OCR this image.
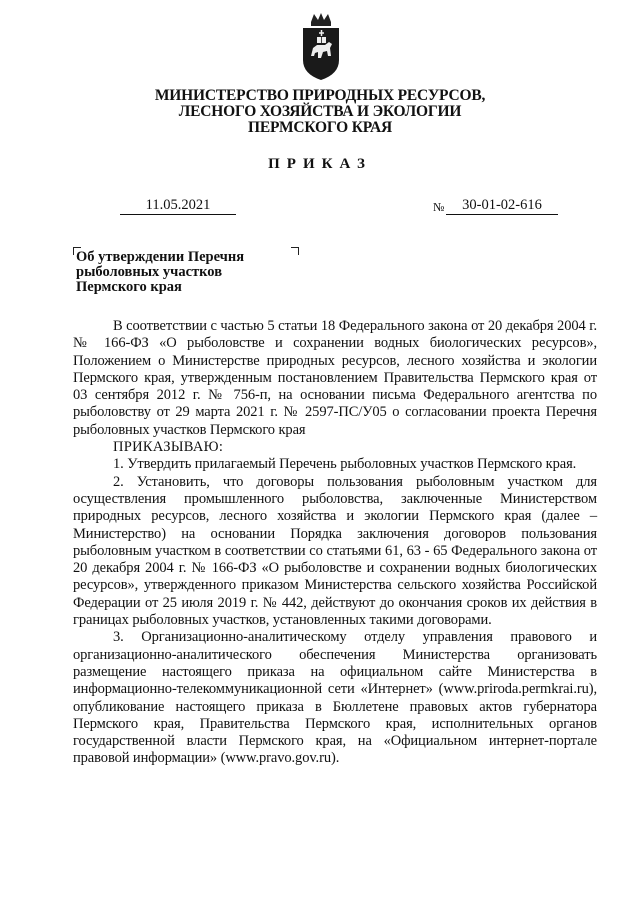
МИНИСТЕРСТВО ПРИРОДНЫХ РЕСУРСОВ,
ЛЕСНОГО ХОЗЯЙСТВА И ЭКОЛОГИИ
ПЕРМСКОГО КРАЯ
ПРИКАЗ
11.05.2021	№	30-01-02-616
Об утверждении Перечня
рыболовных участков
Пермского края

В соответствии с частью 5 статьи 18 Федерального закона от 20 декабря 2004 г. № 166-ФЗ «О рыболовстве и сохранении водных биологических ресурсов», Положением о Министерстве природных ресурсов, лесного хозяйства и экологии Пермского края, утвержденным постановлением Правительства Пермского края от 03 сентября 2012 г. № 756-п, на основании письма Федерального агентства по рыболовству от 29 марта 2021 г. № 2597-ПС/У05 о согласовании проекта Перечня рыболовных участков Пермского края

ПРИКАЗЫВАЮ:

1. Утвердить прилагаемый Перечень рыболовных участков Пермского края.

2. Установить, что договоры пользования рыболовным участком для осуществления промышленного рыболовства, заключенные Министерством природных ресурсов, лесного хозяйства и экологии Пермского края (далее – Министерство) на основании Порядка заключения договоров пользования рыболовным участком в соответствии со статьями 61, 63 - 65 Федерального закона от 20 декабря 2004 г. № 166-ФЗ «О рыболовстве и сохранении водных биологических ресурсов», утвержденного приказом Министерства сельского хозяйства Российской Федерации от 25 июля 2019 г. № 442, действуют до окончания сроков их действия в границах рыболовных участков, установленных такими договорами.

3. Организационно-аналитическому отделу управления правового и организационно-аналитического обеспечения Министерства организовать размещение настоящего приказа на официальном сайте Министерства в информационно-телекоммуникационной сети «Интернет» (www.priroda.permkrai.ru), опубликование настоящего приказа в Бюллетене правовых актов губернатора Пермского края, Правительства Пермского края, исполнительных органов государственной власти Пермского края, на «Официальном интернет-портале правовой информации» (www.pravo.gov.ru).
